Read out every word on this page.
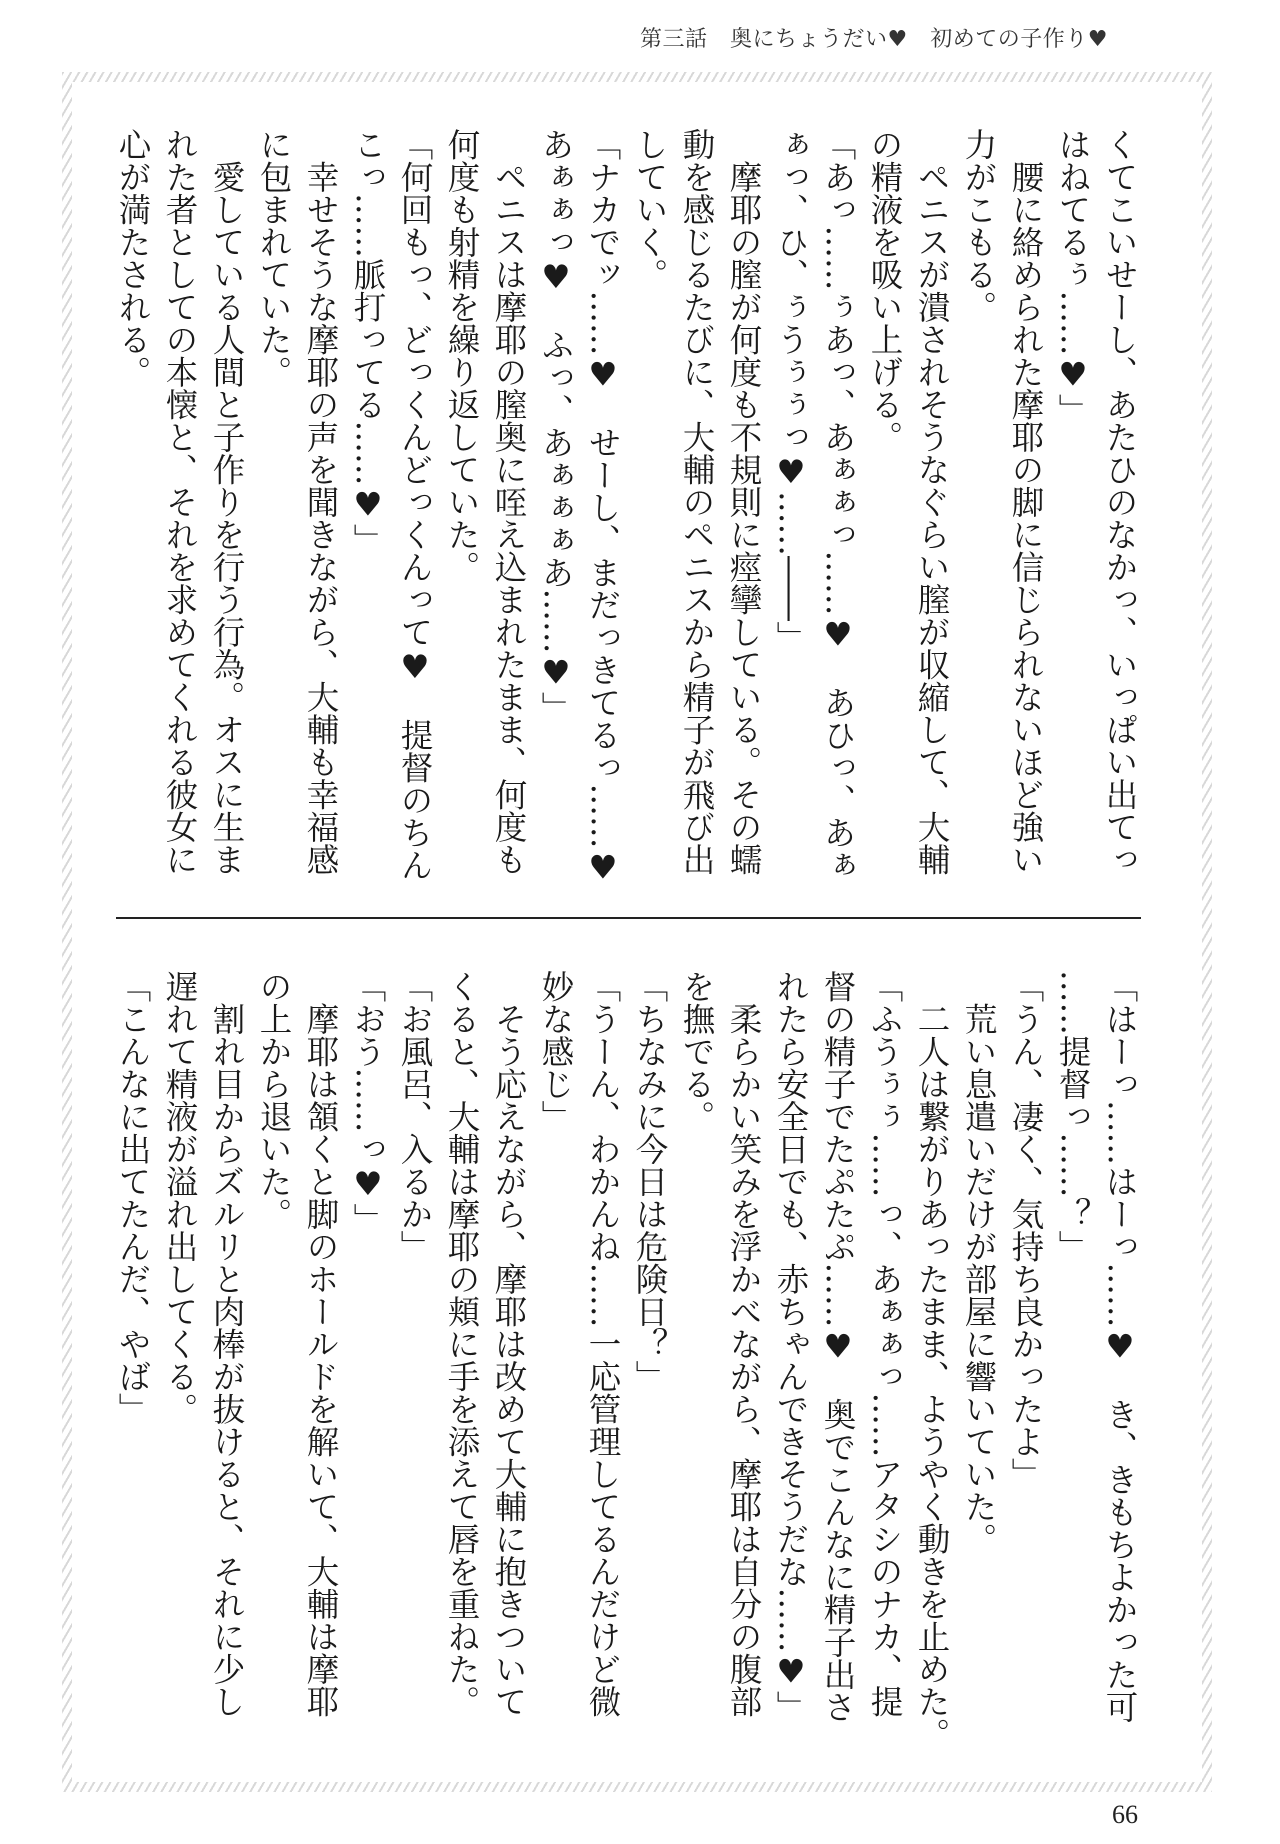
第三話　奥にちょうだい♥　初めての子作り♥
くてこいせーし、あたひのなかっ、いっぱい出てっ
はねてるぅ……♥」
　腰に絡められた摩耶の脚に信じられないほど強い
力がこもる。
　ペニスが潰されそうなぐらい膣が収縮して、大輔
の精液を吸い上げる。
「あっ……ぅあっ、あぁぁっ……♥　あひっ、あぁ
ぁっ、ひ、ぅうぅぅっ♥……――」
　摩耶の膣が何度も不規則に痙攣している。その蠕
動を感じるたびに、大輔のペニスから精子が飛び出
していく。
「ナカでッ……♥　せーし、まだっきてるっ……♥
あぁぁっ♥　ふっ、あぁぁぁあ……♥」
　ペニスは摩耶の膣奥に咥え込まれたまま、何度も
何度も射精を繰り返していた。
「何回もっ、どっくんどっくんって♥　提督のちん
こっ……脈打ってる……♥」
　幸せそうな摩耶の声を聞きながら、大輔も幸福感
に包まれていた。
　愛している人間と子作りを行う行為。オスに生ま
れた者としての本懐と、それを求めてくれる彼女に
心が満たされる。
「はーっ……はーっ……♥　き、きもちよかった可
……提督っ……？」
「うん、凄く、気持ち良かったよ」
　荒い息遣いだけが部屋に響いていた。
　二人は繋がりあったまま、ようやく動きを止めた。
「ふうぅぅ……っ、あぁぁっ……アタシのナカ、提
督の精子でたぷたぷ……♥　奥でこんなに精子出さ
れたら安全日でも、赤ちゃんできそうだな……♥」
　柔らかい笑みを浮かべながら、摩耶は自分の腹部
を撫でる。
「ちなみに今日は危険日？」
「うーん、わかんね……一応管理してるんだけど微
妙な感じ」
　そう応えながら、摩耶は改めて大輔に抱きついて
くると、大輔は摩耶の頬に手を添えて唇を重ねた。
「お風呂、入るか」
「おう……っ♥」
　摩耶は頷くと脚のホールドを解いて、大輔は摩耶
の上から退いた。
　割れ目からズルリと肉棒が抜けると、それに少し
遅れて精液が溢れ出してくる。
「こんなに出てたんだ、やば」
66
